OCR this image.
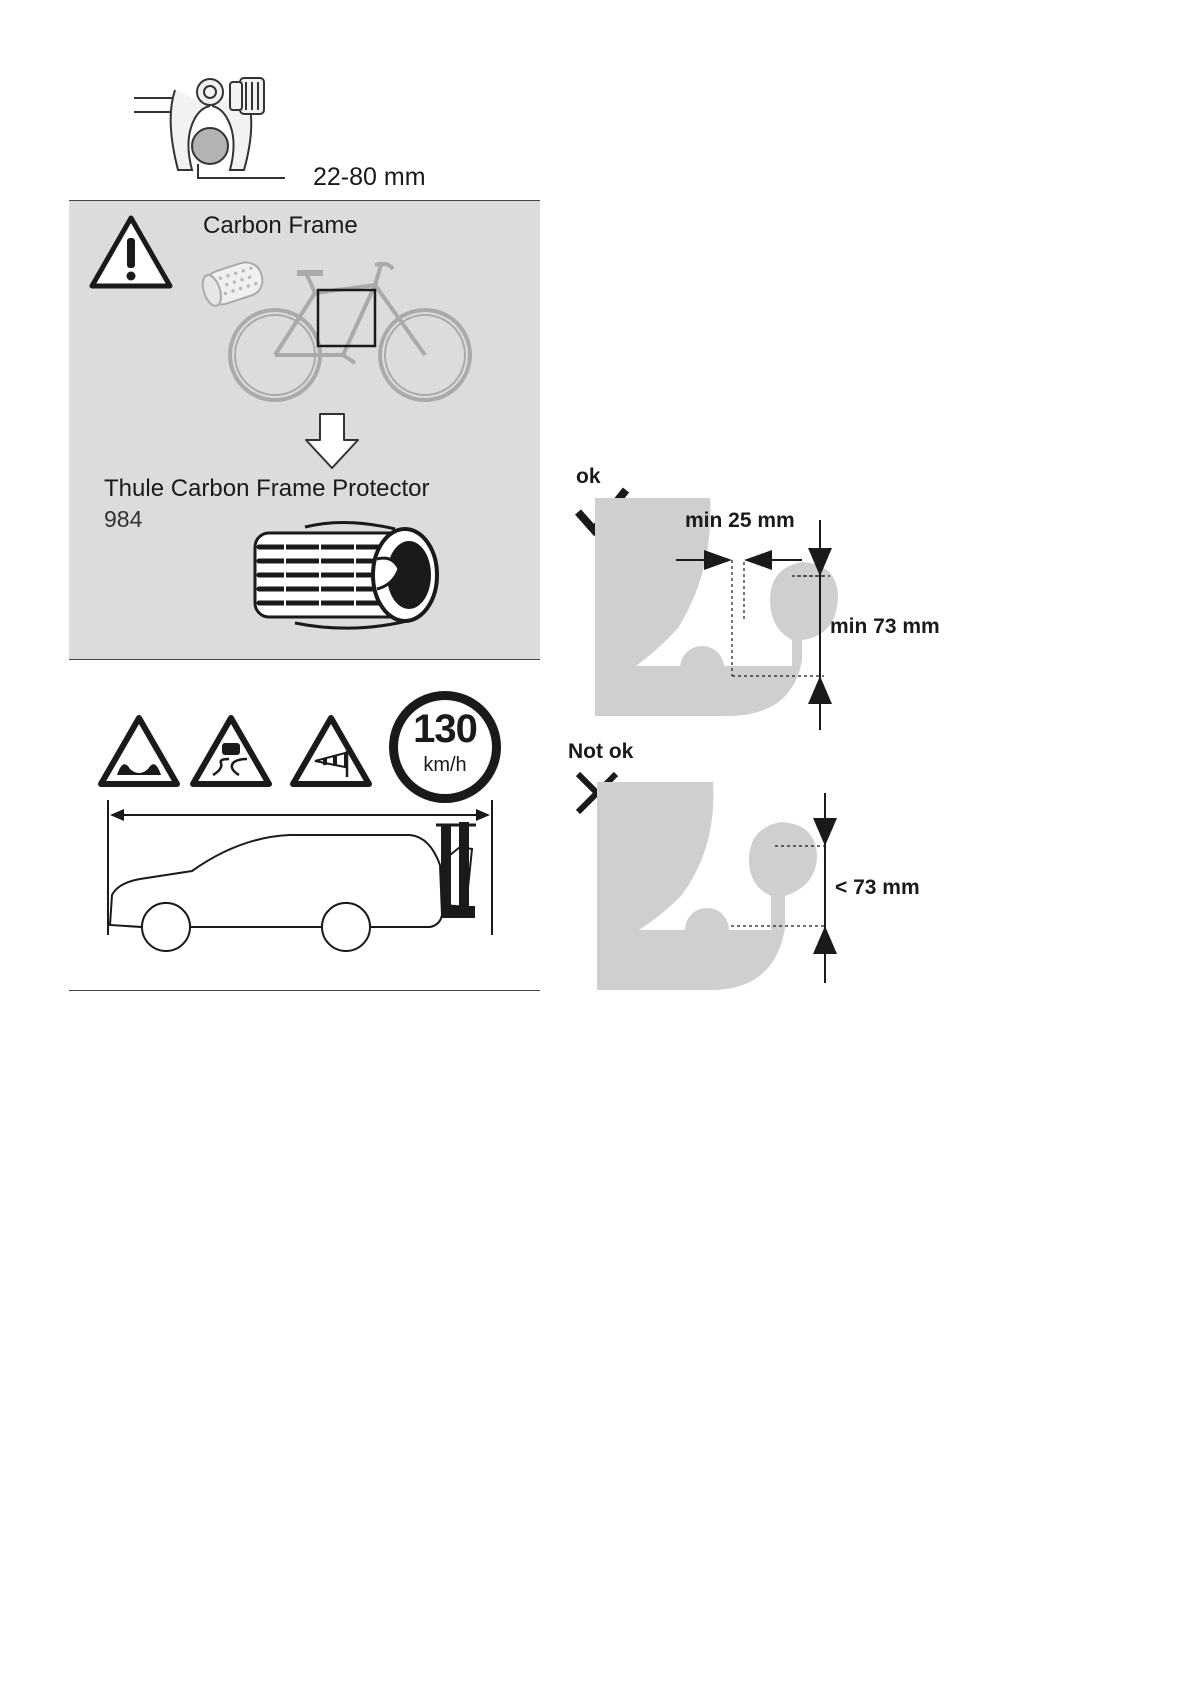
22-80 mm
Carbon Frame
Thule Carbon Frame Protector
984
130
km/h
ok
min 25 mm
min 73 mm
Not ok
< 73 mm
